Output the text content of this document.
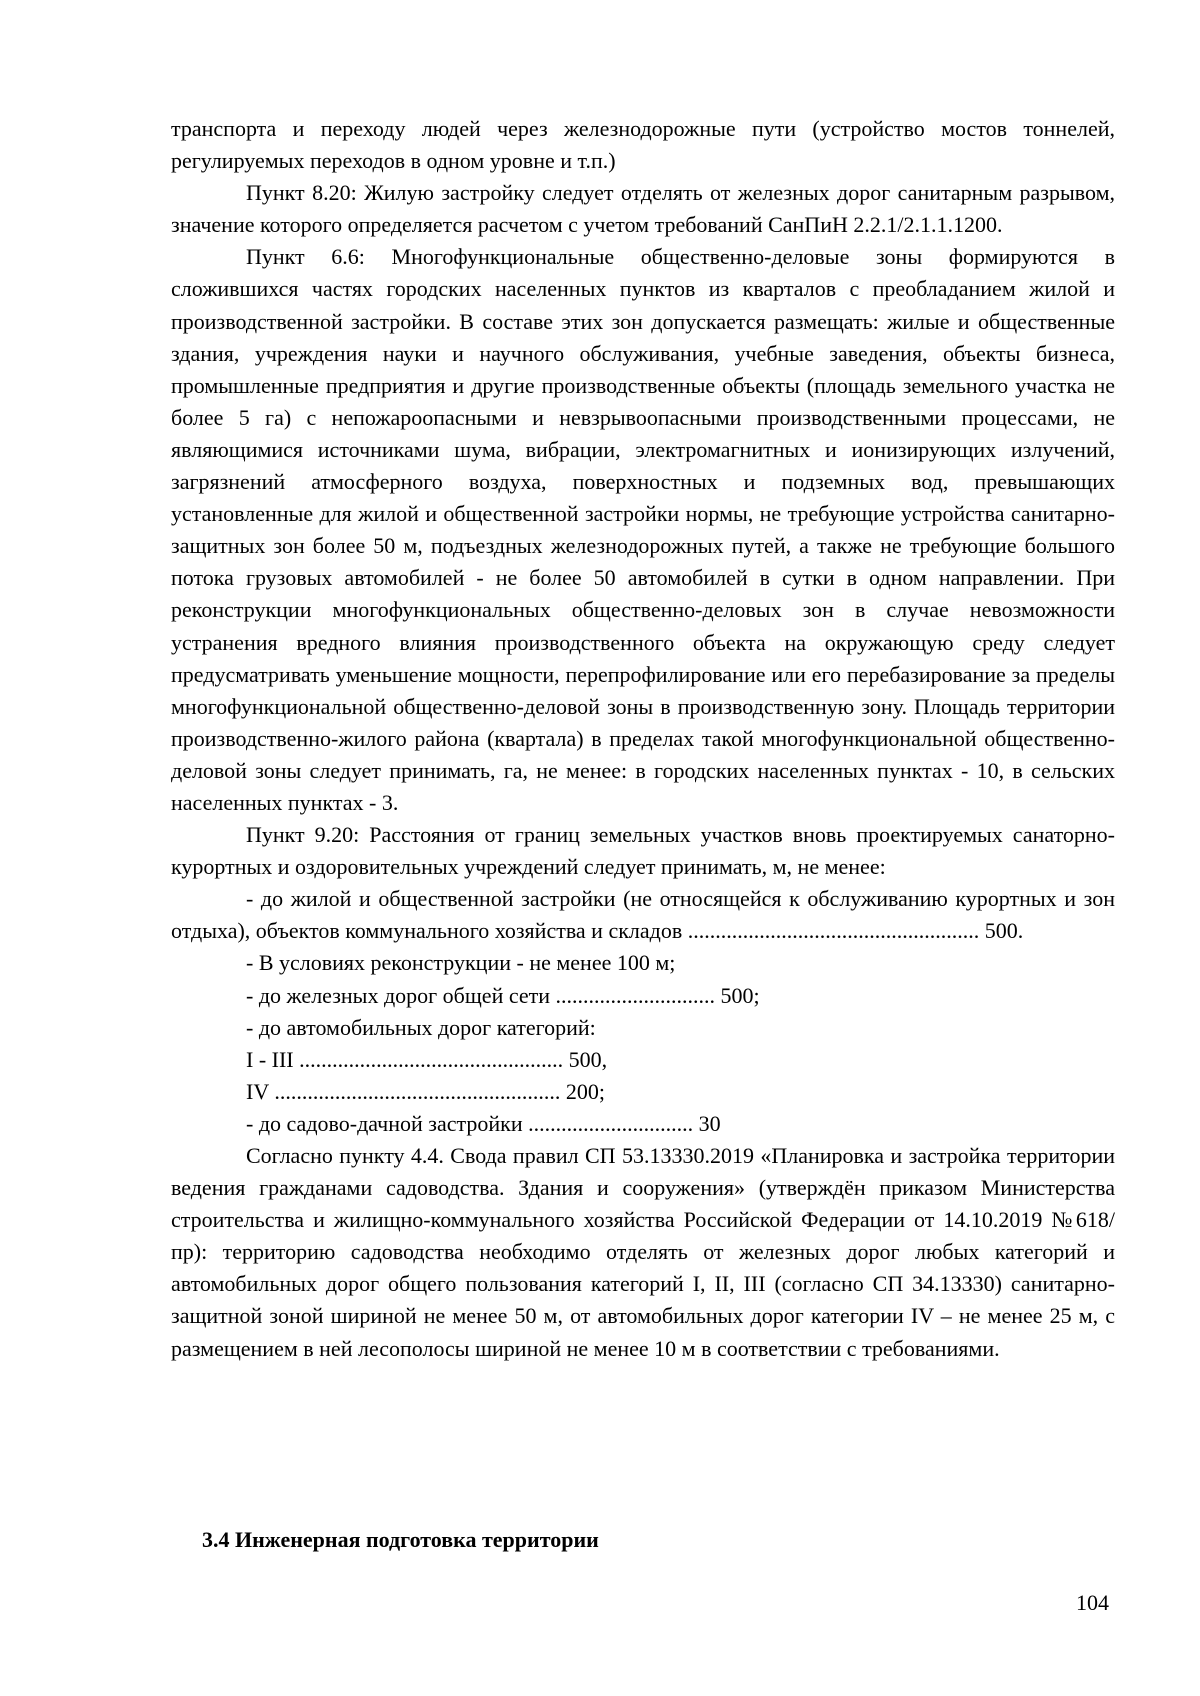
транспорта и переходу людей через железнодорожные пути (устройство мостов тоннелей, регулируемых переходов в одном уровне и т.п.)

Пункт 8.20: Жилую застройку следует отделять от железных дорог санитарным разрывом, значение которого определяется расчетом с учетом требований СанПиН 2.2.1/2.1.1.1200.

Пункт 6.6: Многофункциональные общественно-деловые зоны формируются в сложившихся частях городских населенных пунктов из кварталов с преобладанием жилой и производственной застройки. В составе этих зон допускается размещать: жилые и общественные здания, учреждения науки и научного обслуживания, учебные заведения, объекты бизнеса, промышленные предприятия и другие производственные объекты (площадь земельного участка не более 5 га) с непожароопасными и невзрывоопасными производственными процессами, не являющимися источниками шума, вибрации, электромагнитных и ионизирующих излучений, загрязнений атмосферного воздуха, поверхностных и подземных вод, превышающих установленные для жилой и общественной застройки нормы, не требующие устройства санитарно-защитных зон более 50 м, подъездных железнодорожных путей, а также не требующие большого потока грузовых автомобилей - не более 50 автомобилей в сутки в одном направлении. При реконструкции многофункциональных общественно-деловых зон в случае невозможности устранения вредного влияния производственного объекта на окружающую среду следует предусматривать уменьшение мощности, перепрофилирование или его перебазирование за пределы многофункциональной общественно-деловой зоны в производственную зону. Площадь территории производственно-жилого района (квартала) в пределах такой многофункциональной общественно-деловой зоны следует принимать, га, не менее: в городских населенных пунктах - 10, в сельских населенных пунктах - 3.

Пункт 9.20: Расстояния от границ земельных участков вновь проектируемых санаторно-курортных и оздоровительных учреждений следует принимать, м, не менее:

- до жилой и общественной застройки (не относящейся к обслуживанию курортных и зон отдыха), объектов коммунального хозяйства и складов ..................................................... 500.

- В условиях реконструкции - не менее 100 м;

- до железных дорог общей сети ............................. 500;

- до автомобильных дорог категорий:

I - III ................................................ 500,

IV .................................................... 200;

- до садово-дачной застройки .............................. 30

Согласно пункту 4.4. Свода правил СП 53.13330.2019 «Планировка и застройка территории ведения гражданами садоводства. Здания и сооружения» (утверждён приказом Министерства строительства и жилищно-коммунального хозяйства Российской Федерации от 14.10.2019 №618/пр): территорию садоводства необходимо отделять от железных дорог любых категорий и автомобильных дорог общего пользования категорий I, II, III (согласно СП 34.13330) санитарно-защитной зоной шириной не менее 50 м, от автомобильных дорог категории IV – не менее 25 м, с размещением в ней лесополосы шириной не менее 10 м в соответствии с требованиями.

3.4 Инженерная подготовка территории
104
